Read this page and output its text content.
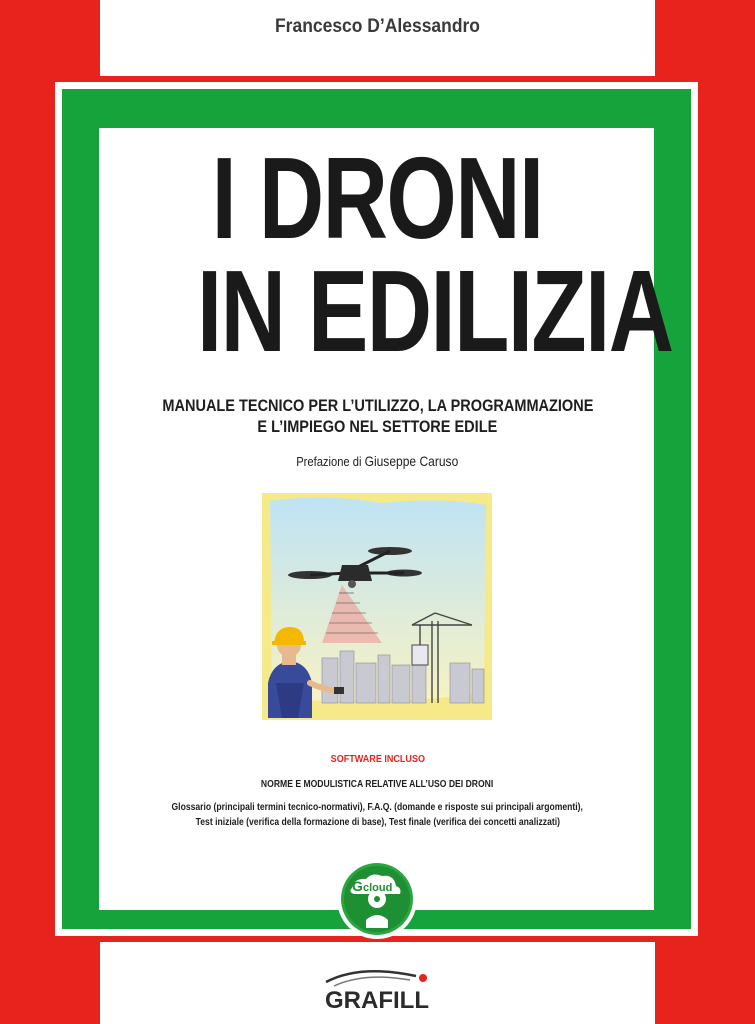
Francesco D’Alessandro
I DRONI
IN EDILIZIA
MANUALE TECNICO PER L’UTILIZZO, LA PROGRAMMAZIONE
E L’IMPIEGO NEL SETTORE EDILE
Prefazione di Giuseppe Caruso
SOFTWARE INCLUSO
NORME E MODULISTICA RELATIVE ALL’USO DEI DRONI
Glossario (principali termini tecnico-normativi), F.A.Q. (domande e risposte sui principali argomenti),
Test iniziale (verifica della formazione di base), Test finale (verifica dei concetti analizzati)
G cloud
GRAFILL
